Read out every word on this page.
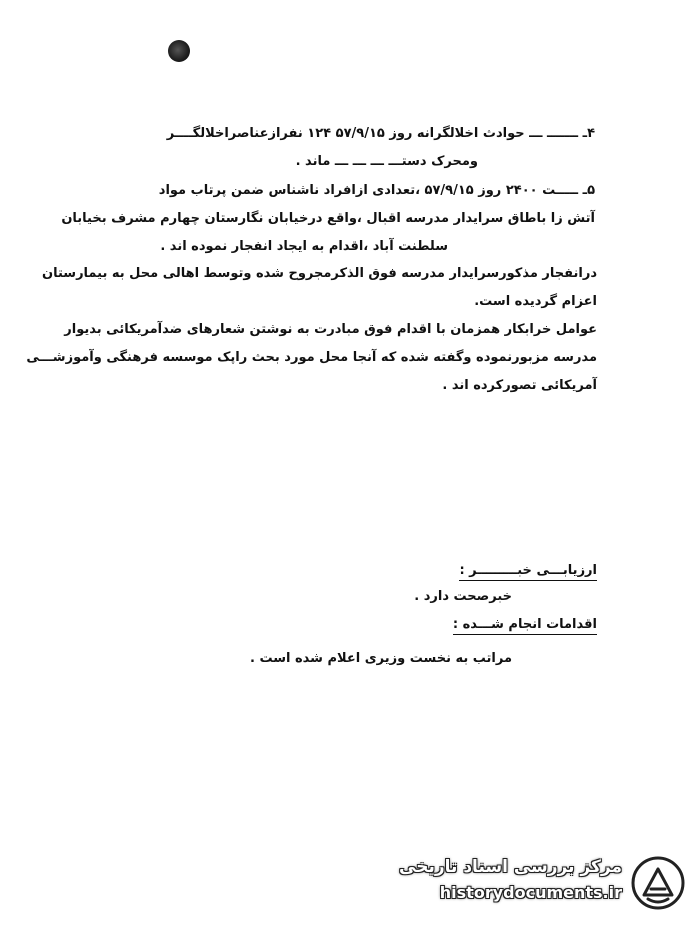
۴ـ ـــــــ ـــ حوادث اخلالگرانه روز ۵۷/۹/۱۵ ۱۲۴ نفرازعناصراخلالگــــر
ومحرک دستـــ ـــ ـــ ـــ ماند .
۵ـ ـــــت ۲۴۰۰ روز ۵۷/۹/۱۵ ،تعدادی ازافراد ناشناس ضمن پرتاب مواد
آتش زا باطاق سرایدار مدرسه اقبال ،واقع درخیابان نگارستان چهارم مشرف بخیابان
سلطنت آباد ،اقدام به ایجاد انفجار نموده اند .
درانفجار مذکورسرایدار مدرسه فوق الذکرمجروح شده وتوسط اهالی محل به بیمارستان
اعزام گردیده است.
عوامل خرابکار همزمان با اقدام فوق مبادرت به نوشتن شعارهای ضدآمریکائی بدیوار
مدرسه مزبورنموده وگفته شده که آنجا محل مورد بحث راپک موسسه فرهنگی وآموزشـــی
آمریکائی تصورکرده اند .
ارزیابـــی خبـــــــــر :
خبرصحت دارد .
اقدامات انجام شـــده :
مراتب به نخست وزیری اعلام شده است .
مرکز بررسی اسناد تاریخی
historydocuments.ir
